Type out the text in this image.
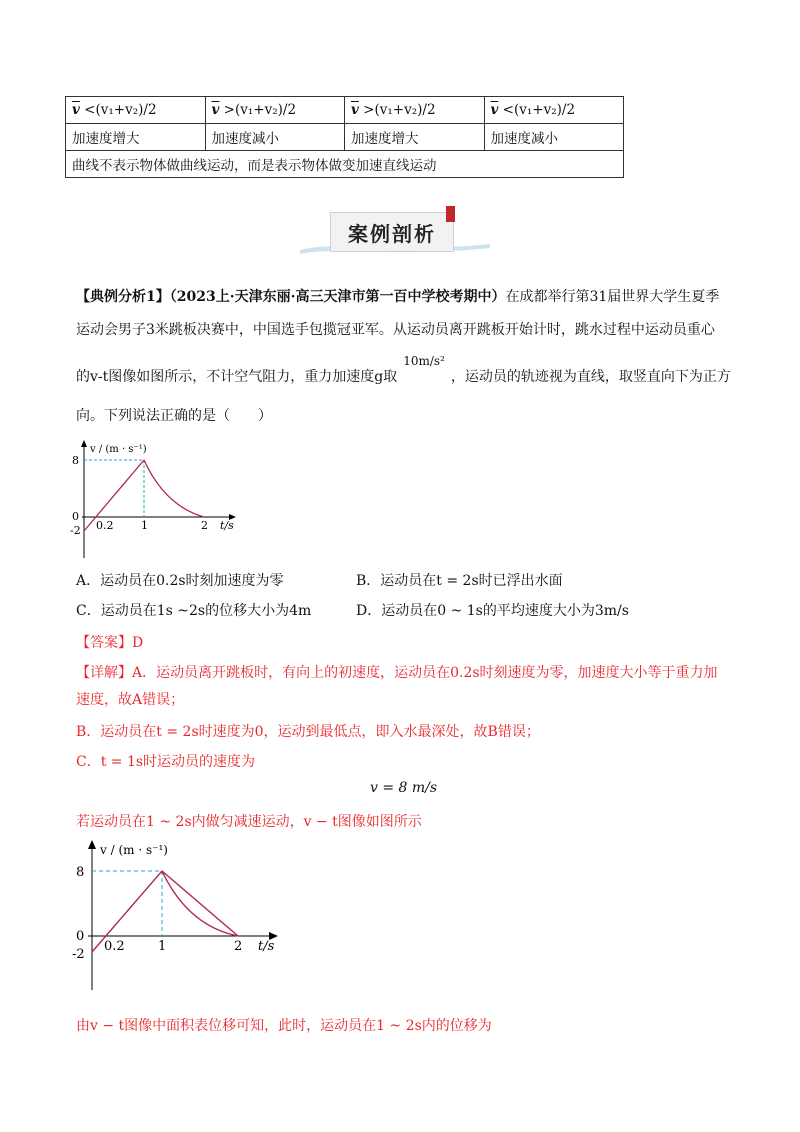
$\overline{v} <(v_1+v_2)/2$	$\overline{v} >(v_1+v_2)/2$	$\overline{v} >(v_1+v_2)/2$	$\overline{v} <(v_1+v_2)/2$
加速度增大	加速度减小	加速度增大	加速度减小
曲线不表示物体做曲线运动，而是表示物体做变加速直线运动			
案例剖析
【典例分析1】（2023上·天津东丽·高三天津市第一百中学校考期中）在成都举行第31届世界大学生夏季
运动会男子3米跳板决赛中，中国选手包揽冠亚军。从运动员离开跳板开始计时，跳水过程中运动员重心
的v-t图像如图所示，不计空气阻力，重力加速度g取10m/s²，运动员的轨迹视为直线，取竖直向下为正方
向。下列说法正确的是（　　）
v / (m · s⁻¹)
8
0
-2 0.2	1	2 t/s
A．运动员在0.2s时刻加速度为零	B．运动员在t = 2s时已浮出水面
C．运动员在1s ~2s的位移大小为4m	D．运动员在0 ~ 1s的平均速度大小为3m/s
【答案】D
【详解】A．运动员离开跳板时，有向上的初速度，运动员在0.2s时刻速度为零，加速度大小等于重力加
速度，故A错误；
B．运动员在t = 2s时速度为0，运动到最低点，即入水最深处，故B错误；
C．t = 1s时运动员的速度为
v = 8 m/s
若运动员在1 ~ 2s内做匀减速运动，v − t图像如图所示
v / (m · s⁻¹)
8
0
-2
0.2	1	2 t/s
由v − t图像中面积表位移可知，此时，运动员在1 ~ 2s内的位移为
